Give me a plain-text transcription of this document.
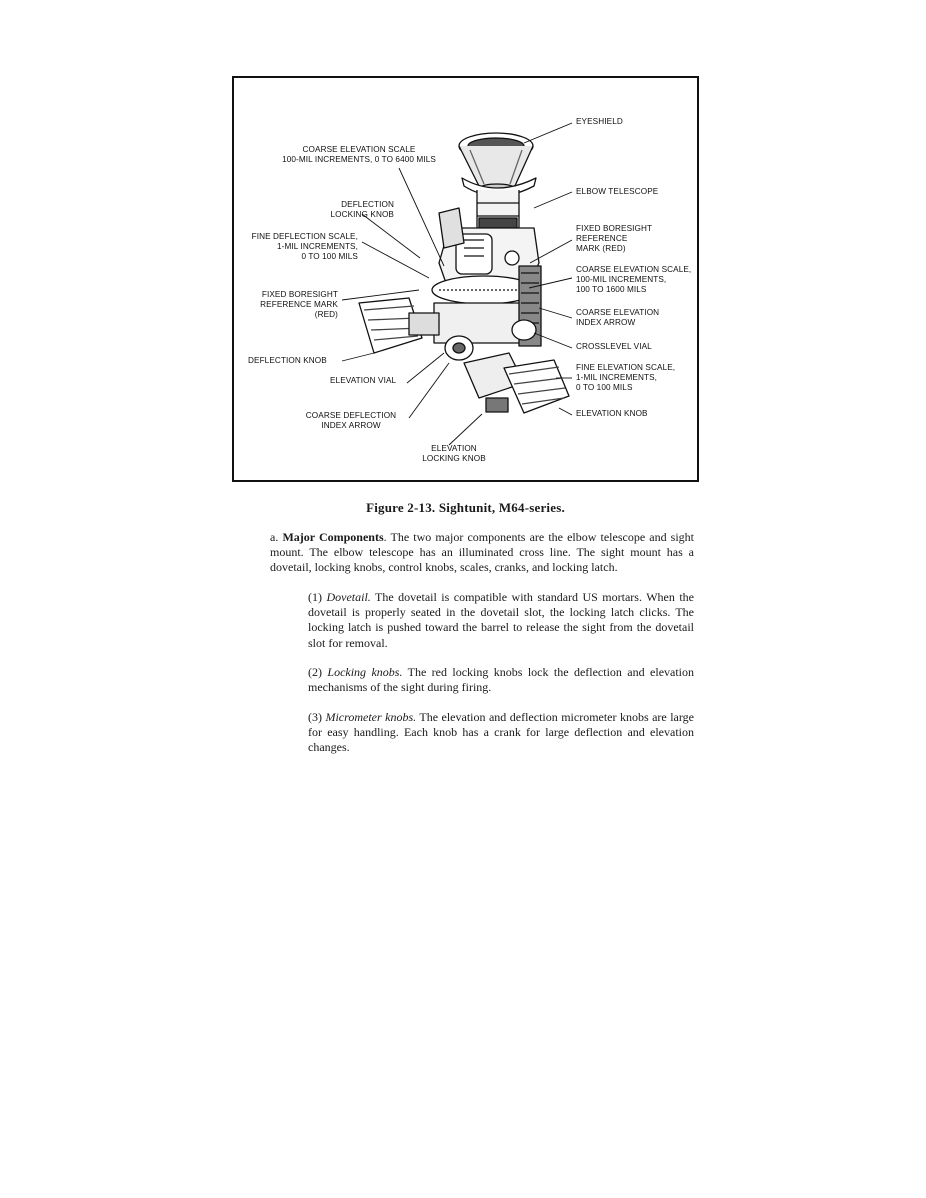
EYESHIELD
ELBOW TELESCOPE
COARSE ELEVATION SCALE
100-MIL INCREMENTS, 0 TO 6400 MILS
DEFLECTION
LOCKING KNOB
FINE DEFLECTION SCALE,
1-MIL INCREMENTS,
0 TO 100 MILS
FIXED BORESIGHT
REFERENCE
MARK (RED)
COARSE ELEVATION SCALE,
100-MIL INCREMENTS,
100 TO 1600 MILS
FIXED BORESIGHT
REFERENCE MARK
(RED)	COARSE ELEVATION
INDEX ARROW
CROSSLEVEL VIAL
DEFLECTION KNOB
ELEVATION VIAL
FINE ELEVATION SCALE,
1-MIL INCREMENTS,
0 TO 100 MILS
COARSE DEFLECTION
INDEX ARROW
ELEVATION KNOB
ELEVATION
LOCKING KNOB
Figure 2-13. Sightunit, M64-series.

a. Major Components. The two major components are the elbow telescope and sight mount. The elbow telescope has an illuminated cross line. The sight mount has a dovetail, locking knobs, control knobs, scales, cranks, and locking latch.

(1) Dovetail. The dovetail is compatible with standard US mortars. When the dovetail is properly seated in the dovetail slot, the locking latch clicks. The locking latch is pushed toward the barrel to release the sight from the dovetail slot for removal.

(2) Locking knobs. The red locking knobs lock the deflection and elevation mechanisms of the sight during firing.

(3) Micrometer knobs. The elevation and deflection micrometer knobs are large for easy handling. Each knob has a crank for large deflection and elevation changes.
